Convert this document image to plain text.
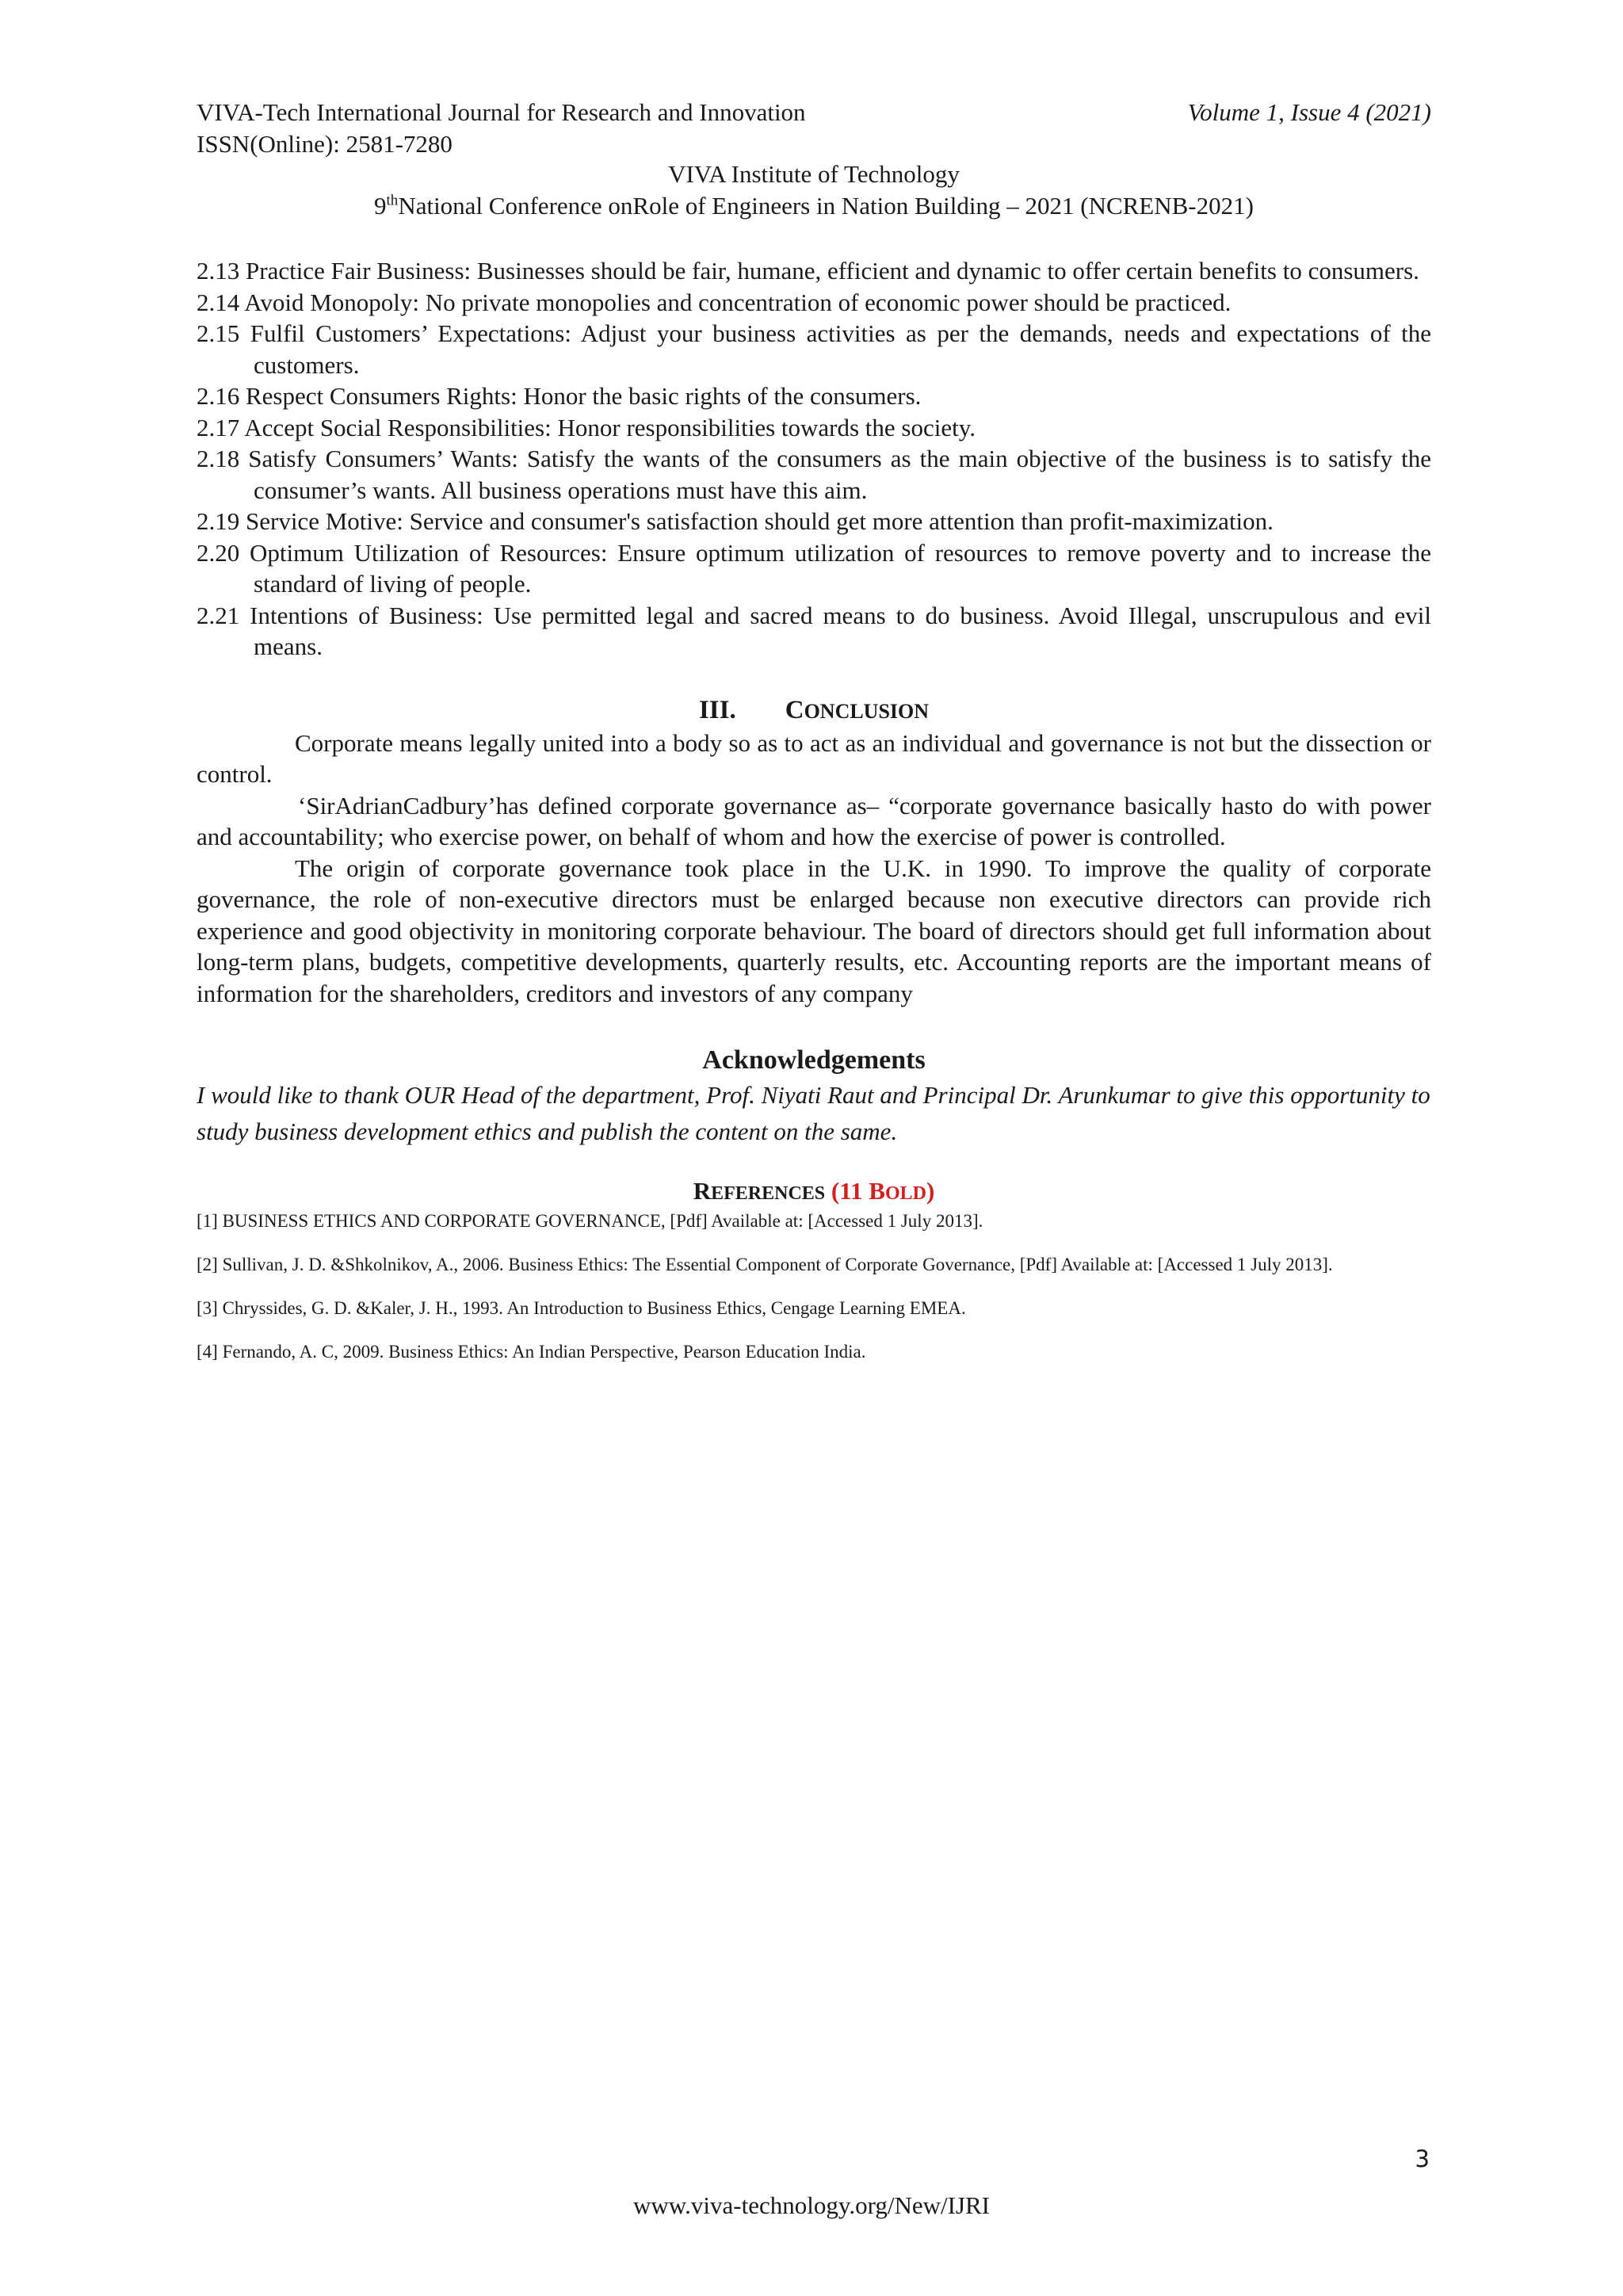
VIVA-Tech International Journal for Research and Innovation
ISSN(Online): 2581-7280
Volume 1, Issue 4 (2021)
VIVA Institute of Technology
9thNational Conference onRole of Engineers in Nation Building – 2021 (NCRENB-2021)

2.13 Practice Fair Business: Businesses should be fair, humane, efficient and dynamic to offer certain benefits to consumers.

2.14 Avoid Monopoly: No private monopolies and concentration of economic power should be practiced.

2.15 Fulfil Customers’ Expectations: Adjust your business activities as per the demands, needs and expectations of the customers.

2.16 Respect Consumers Rights: Honor the basic rights of the consumers.

2.17 Accept Social Responsibilities: Honor responsibilities towards the society.

2.18 Satisfy Consumers’ Wants: Satisfy the wants of the consumers as the main objective of the business is to satisfy the consumer’s wants. All business operations must have this aim.

2.19 Service Motive: Service and consumer's satisfaction should get more attention than profit-maximization.

2.20 Optimum Utilization of Resources: Ensure optimum utilization of resources to remove poverty and to increase the standard of living of people.

2.21 Intentions of Business: Use permitted legal and sacred means to do business. Avoid Illegal, unscrupulous and evil means.

III. CONCLUSION

Corporate means legally united into a body so as to act as an individual and governance is not but the dissection or control.

‘SirAdrianCadbury’has defined corporate governance as– “corporate governance basically hasto do with power and accountability; who exercise power, on behalf of whom and how the exercise of power is controlled.

The origin of corporate governance took place in the U.K. in 1990. To improve the quality of corporate governance, the role of non-executive directors must be enlarged because non executive directors can provide rich experience and good objectivity in monitoring corporate behaviour. The board of directors should get full information about long-term plans, budgets, competitive developments, quarterly results, etc. Accounting reports are the important means of information for the shareholders, creditors and investors of any company

Acknowledgements

I would like to thank OUR Head of the department, Prof. Niyati Raut and Principal Dr. Arunkumar to give this opportunity to study business development ethics and publish the content on the same.

REFERENCES (11 BOLD)

[1] BUSINESS ETHICS AND CORPORATE GOVERNANCE, [Pdf] Available at: [Accessed 1 July 2013].

[2] Sullivan, J. D. &Shkolnikov, A., 2006. Business Ethics: The Essential Component of Corporate Governance, [Pdf] Available at: [Accessed 1 July 2013].

[3] Chryssides, G. D. &Kaler, J. H., 1993. An Introduction to Business Ethics, Cengage Learning EMEA.

[4] Fernando, A. C, 2009. Business Ethics: An Indian Perspective, Pearson Education India.

3
www.viva-technology.org/New/IJRI
